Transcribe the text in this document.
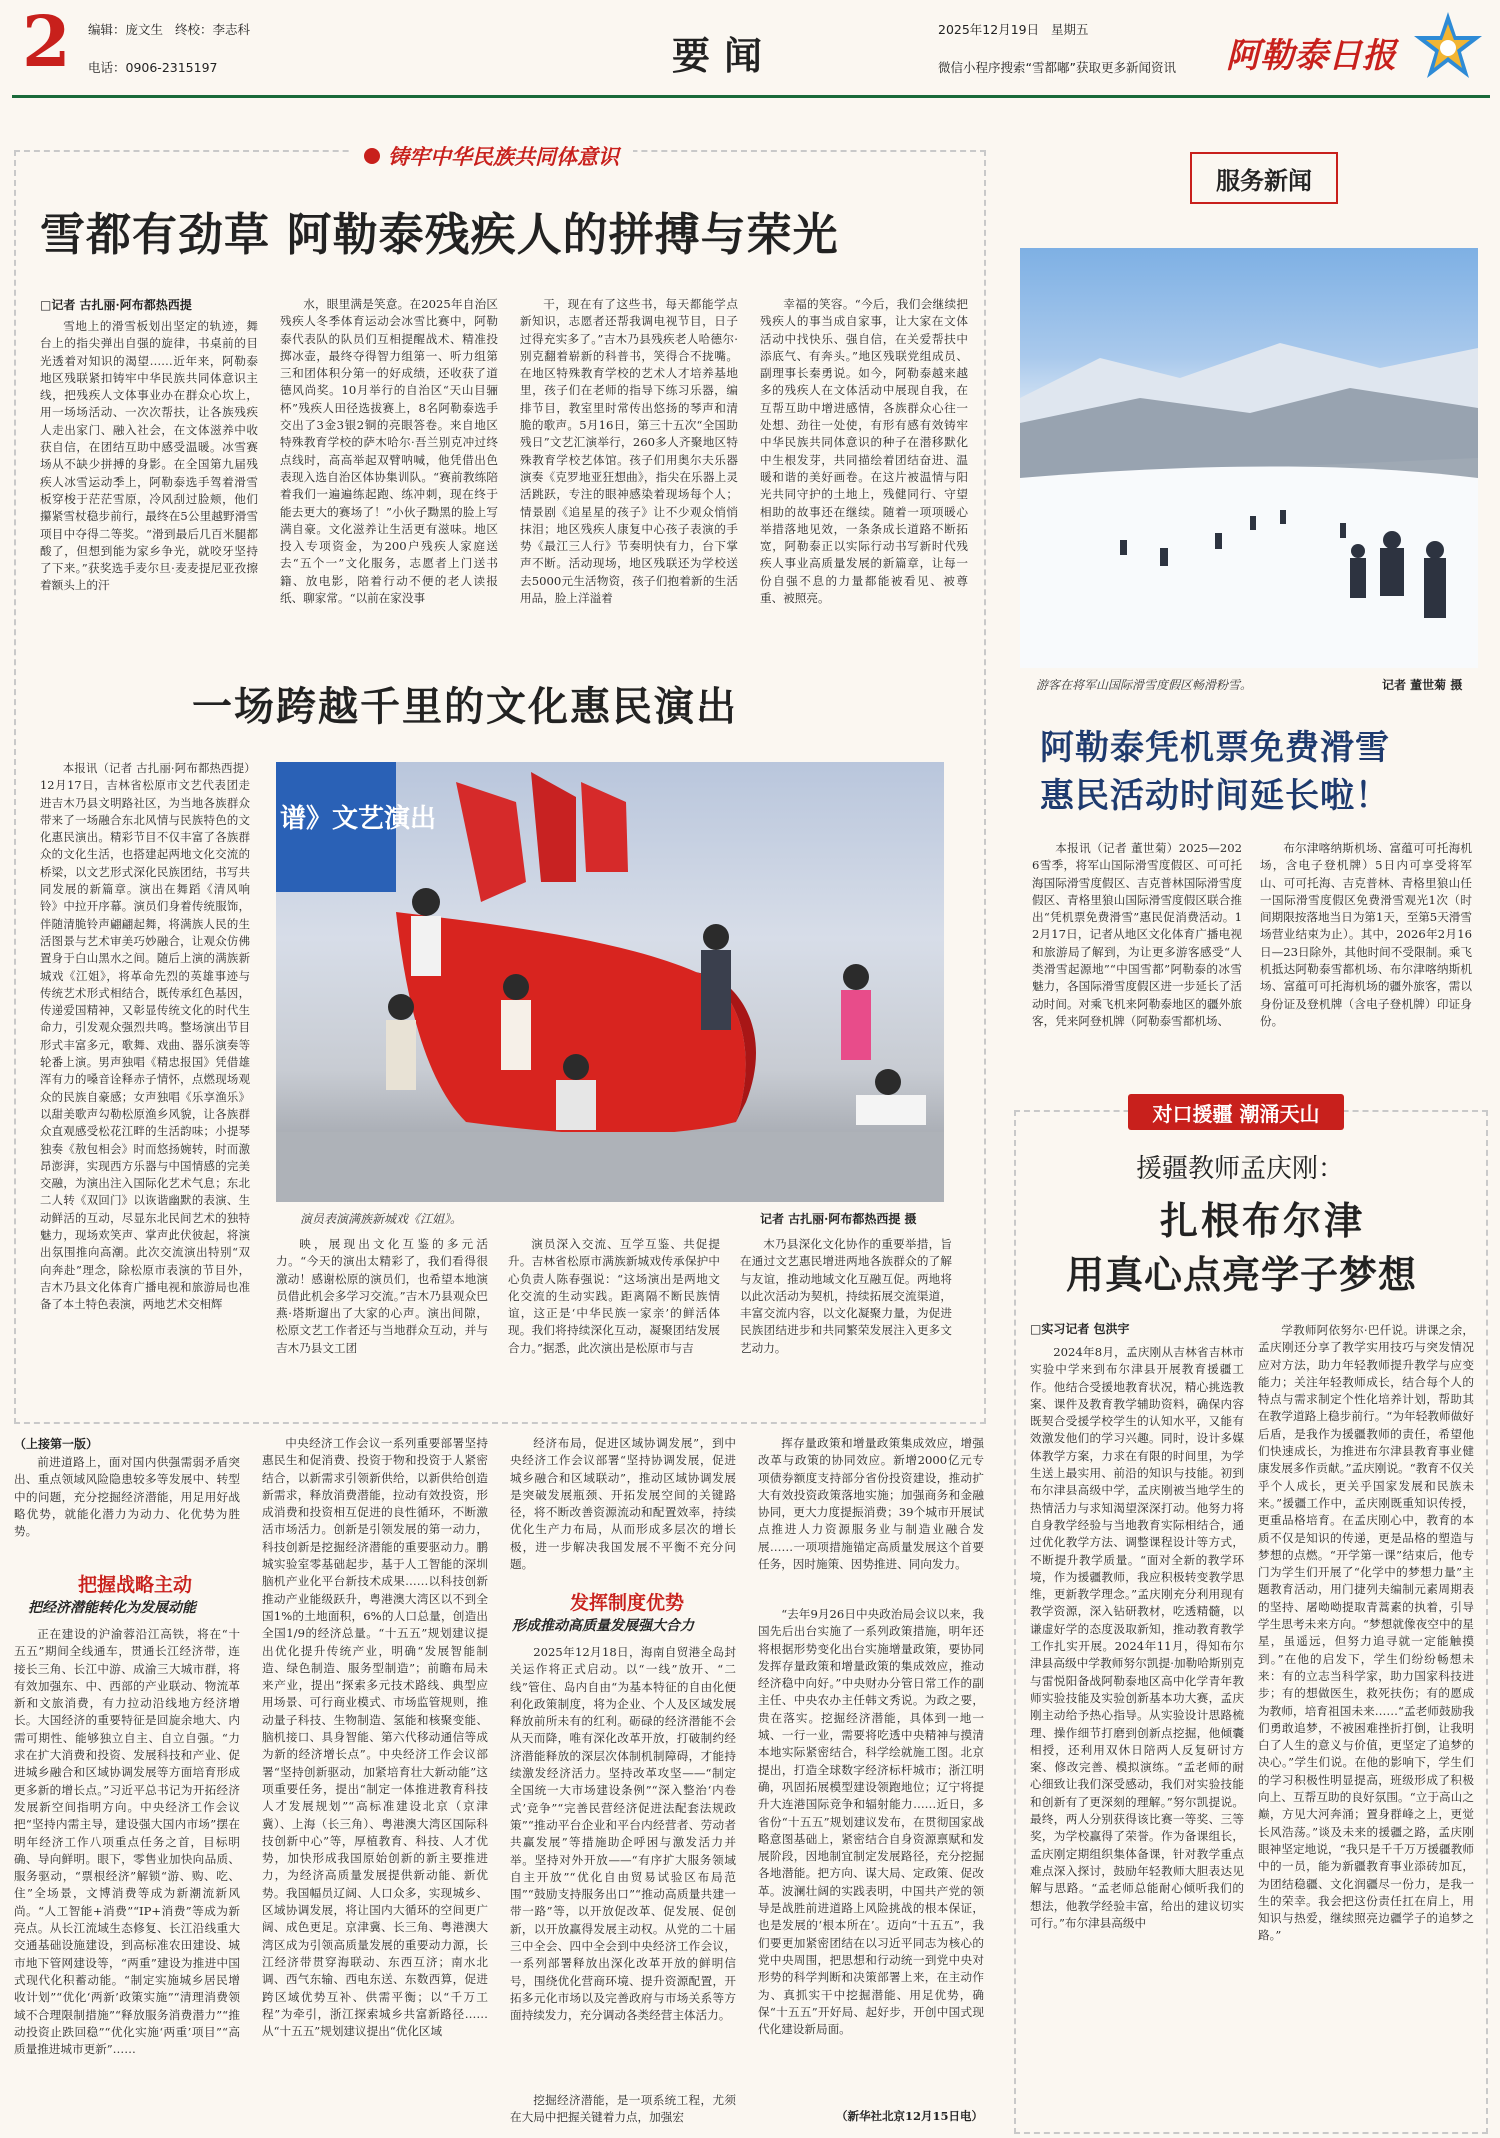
2 编辑：庞文生 终校：李志科
电话：0906-2315197	要闻
2025年12月19日 星期五
微信小程序搜索“雪都嘟”获取更多新闻资讯 阿勒泰日报
铸牢中华民族共同体意识
雪都有劲草 阿勒泰残疾人的拼搏与荣光
□记者 古扎丽·阿布都热西提
雪地上的滑雪板划出坚定的轨迹，舞台上的指尖弹出自强的旋律，书桌前的目光透着对知识的渴望……近年来，阿勒泰地区残联紧扣铸牢中华民族共同体意识主线，把残疾人文体事业办在群众心坎上，用一场场活动、一次次帮扶，让各族残疾人走出家门、融入社会，在文体滋养中收获自信，在团结互助中感受温暖。冰雪赛场从不缺少拼搏的身影。在全国第九届残疾人冰雪运动季上，阿勒泰选手驾着滑雪板穿梭于茫茫雪原，冷风刮过脸颊，他们攥紧雪杖稳步前行，最终在5公里越野滑雪项目中夺得二等奖。“滑到最后几百米腿都酸了，但想到能为家乡争光，就咬牙坚持了下来。”获奖选手麦尔旦·麦麦提尼亚孜擦着额头上的汗
水，眼里满是笑意。在2025年自治区残疾人冬季体育运动会冰雪比赛中，阿勒泰代表队的队员们互相提醒战术、精准投掷冰壶，最终夺得智力组第一、听力组第三和团体积分第一的好成绩，还收获了道德风尚奖。10月举行的自治区“天山目骊杯”残疾人田径选拔赛上，8名阿勒泰选手交出了3金3银2铜的亮眼答卷。来自地区特殊教育学校的萨木哈尔·吾兰别克冲过终点线时，高高举起双臂呐喊，他凭借出色表现入选自治区体协集训队。“赛前教练陪着我们一遍遍练起跑、练冲刺，现在终于能去更大的赛场了！”小伙子黝黑的脸上写满自豪。文化滋养让生活更有滋味。地区投入专项资金，为200户残疾人家庭送去“五个一”文化服务，志愿者上门送书籍、放电影，陪着行动不便的老人读报纸、聊家常。“以前在家没事
干，现在有了这些书，每天都能学点新知识，志愿者还帮我调电视节目，日子过得充实多了。”吉木乃县残疾老人哈德尔·别克翻着崭新的科普书，笑得合不拢嘴。在地区特殊教育学校的艺术人才培养基地里，孩子们在老师的指导下练习乐器，编排节目，教室里时常传出悠扬的琴声和清脆的歌声。5月16日，第三十五次“全国助残日”文艺汇演举行，260多人齐聚地区特殊教育学校艺体馆。孩子们用奥尔夫乐器演奏《克罗地亚狂想曲》，指尖在乐器上灵活跳跃，专注的眼神感染着现场每个人；情景剧《追星星的孩子》让不少观众悄悄抹泪；地区残疾人康复中心孩子表演的手势《最江三人行》节奏明快有力，台下掌声不断。活动现场，地区残联还为学校送去5000元生活物资，孩子们抱着新的生活用品，脸上洋溢着
幸福的笑容。“今后，我们会继续把残疾人的事当成自家事，让大家在文体活动中找快乐、强自信，在关爱帮扶中添底气、有奔头。”地区残联党组成员、副理事长秦勇说。如今，阿勒泰越来越多的残疾人在文体活动中展现自我，在互帮互助中增进感情，各族群众心往一处想、劲往一处使，有形有感有效铸牢中华民族共同体意识的种子在潜移默化中生根发芽，共同描绘着团结奋进、温暖和谐的美好画卷。在这片被温情与阳光共同守护的土地上，残健同行、守望相助的故事还在继续。随着一项项暖心举措落地见效，一条条成长道路不断拓宽，阿勒泰正以实际行动书写新时代残疾人事业高质量发展的新篇章，让每一份自强不息的力量都能被看见、被尊重、被照亮。
一场跨越千里的文化惠民演出
本报讯（记者 古扎丽·阿布都热西提）12月17日，吉林省松原市文艺代表团走进吉木乃县文明路社区，为当地各族群众带来了一场融合东北风情与民族特色的文化惠民演出。精彩节目不仅丰富了各族群众的文化生活，也搭建起两地文化交流的桥梁，以文艺形式深化民族团结，书写共同发展的新篇章。演出在舞蹈《清风响铃》中拉开序幕。演员们身着传统服饰，伴随清脆铃声翩翩起舞，将满族人民的生活图景与艺术审美巧妙融合，让观众仿佛置身于白山黑水之间。随后上演的满族新城戏《江姐》，将革命先烈的英雄事迹与传统艺术形式相结合，既传承红色基因，传递爱国精神，又彰显传统文化的时代生命力，引发观众强烈共鸣。整场演出节目形式丰富多元，歌舞、戏曲、器乐演奏等轮番上演。男声独唱《精忠报国》凭借雄浑有力的嗓音诠释赤子情怀，点燃现场观众的民族自豪感；女声独唱《乐享渔乐》以甜美歌声勾勒松原渔乡风貌，让各族群众直观感受松花江畔的生活韵味；小提琴独奏《敖包相会》时而悠扬婉转，时而激昂澎湃，实现西方乐器与中国情感的完美交融，为演出注入国际化艺术气息；东北二人转《双回门》以诙谐幽默的表演、生动鲜活的互动，尽显东北民间艺术的独特魅力，现场欢笑声、掌声此伏彼起，将演出氛围推向高潮。此次交流演出特别“双向奔赴”理念，除松原市表演的节目外，吉木乃县文化体育广播电视和旅游局也准备了本土特色表演，两地艺术交相辉
谱》文艺演出
演员表演满族新城戏《江姐》。	记者 古扎丽·阿布都热西提 摄
映，展现出文化互鉴的多元活力。“今天的演出太精彩了，我们看得很激动！感谢松原的演员们，也希望本地演员借此机会多学习交流。”吉木乃县观众巴燕·塔斯遛出了大家的心声。演出间隙，松原文艺工作者还与当地群众互动，并与吉木乃县文工团
演员深入交流、互学互鉴、共促提升。吉林省松原市满族新城戏传承保护中心负责人陈春强说：“这场演出是两地文化交流的生动实践。距离隔不断民族情谊，这正是‘中华民族一家亲’的鲜活体现。我们将持续深化互动，凝聚团结发展合力。”据悉，此次演出是松原市与吉
木乃县深化文化协作的重要举措，旨在通过文艺惠民增进两地各族群众的了解与友谊，推动地域文化互融互促。两地将以此次活动为契机，持续拓展交流渠道，丰富交流内容，以文化凝聚力量，为促进民族团结进步和共同繁荣发展注入更多文艺动力。
服务新闻
游客在将军山国际滑雪度假区畅滑粉雪。	记者 董世菊 摄
阿勒泰凭机票免费滑雪
惠民活动时间延长啦！
本报讯（记者 董世菊）2025—2026雪季，将军山国际滑雪度假区、可可托海国际滑雪度假区、吉克普林国际滑雪度假区、青格里狼山国际滑雪度假区联合推出“凭机票免费滑雪”惠民促消费活动。12月17日，记者从地区文化体育广播电视和旅游局了解到，为让更多游客感受“人类滑雪起源地”“中国雪都”阿勒泰的冰雪魅力，各国际滑雪度假区进一步延长了活动时间。对乘飞机来阿勒泰地区的疆外旅客，凭来阿登机牌（阿勒泰雪都机场、
布尔津喀纳斯机场、富蕴可可托海机场，含电子登机牌）5日内可享受将军山、可可托海、吉克普林、青格里狼山任一国际滑雪度假区免费滑雪观光1次（时间期限按落地当日为第1天，至第5天滑雪场营业结束为止）。其中，2026年2月16日—23日除外，其他时间不受限制。乘飞机抵达阿勒泰雪都机场、布尔津喀纳斯机场、富蕴可可托海机场的疆外旅客，需以身份证及登机牌（含电子登机牌）印证身份。
对口援疆 潮涌天山
援疆教师孟庆刚：
扎根布尔津
用真心点亮学子梦想
□实习记者 包洪宇
2024年8月，孟庆刚从吉林省吉林市实验中学来到布尔津县开展教育援疆工作。他结合受援地教育状况，精心挑选教案、课件及教育教学辅助资料，确保内容既契合受援学校学生的认知水平，又能有效激发他们的学习兴趣。同时，设计多媒体教学方案，力求在有限的时间里，为学生送上最实用、前沿的知识与技能。初到布尔津县高级中学，孟庆刚被当地学生的热情活力与求知渴望深深打动。他努力将自身教学经验与当地教育实际相结合，通过优化教学方法、调整课程设计等方式，不断提升教学质量。“面对全新的教学环境，作为援疆教师，我应积极转变教学思维，更新教学理念。”孟庆刚充分利用现有教学资源，深入钻研教材，吃透精髓，以谦虚好学的态度汲取新知，推动教育教学工作扎实开展。2024年11月，得知布尔津县高级中学教师努尔凯提·加勒哈斯别克与雷悦阳备战阿勒泰地区高中化学青年教师实验技能及实验创新基本功大赛，孟庆刚主动给予热心指导。从实验设计思路梳理、操作细节打磨到创新点挖掘，他倾囊相授，还利用双休日陪两人反复研讨方案、修改完善、模拟演练。“孟老师的耐心细致让我们深受感动，我们对实验技能和创新有了更深刻的理解。”努尔凯提说。最终，两人分别获得该比赛一等奖、三等奖，为学校赢得了荣誉。作为备课组长，孟庆刚定期组织集体备课，针对教学重点难点深入探讨，鼓励年轻教师大胆表达见解与思路。“孟老师总能耐心倾听我们的想法，他教学经验丰富，给出的建议切实可行。”布尔津县高级中
学教师阿依努尔·巴仟说。讲课之余，孟庆刚还分享了教学实用技巧与突发情况应对方法，助力年轻教师提升教学与应变能力；关注年轻教师成长，结合每个人的特点与需求制定个性化培养计划，帮助其在教学道路上稳步前行。“为年轻教师做好后盾，是我作为援疆教师的责任，希望他们快速成长，为推进布尔津县教育事业健康发展多作贡献。”孟庆刚说。“教育不仅关乎个人成长，更关乎国家发展和民族未来。”援疆工作中，孟庆刚既重知识传授，更重品格培育。在孟庆刚心中，教育的本质不仅是知识的传递，更是品格的塑造与梦想的点燃。“开学第一课”结束后，他专门为学生们开展了“化学中的梦想力量”主题教育活动，用门捷列夫编制元素周期表的坚持、屠呦呦提取青蒿素的执着，引导学生思考未来方向。“梦想就像夜空中的星星，虽遥远，但努力追寻就一定能触摸到。”在他的启发下，学生们纷纷畅想未来：有的立志当科学家，助力国家科技进步；有的想做医生，救死扶伤；有的愿成为教师，培育祖国未来……“孟老师鼓励我们勇敢追梦，不被困难挫折打倒，让我明白了人生的意义与价值，更坚定了追梦的决心。”学生们说。在他的影响下，学生们的学习积极性明显提高，班级形成了积极向上、互帮互助的良好氛围。“立于高山之巅，方见大河奔涌；置身群峰之上，更觉长风浩荡。”谈及未来的援疆之路，孟庆刚眼神坚定地说，“我只是千千万万援疆教师中的一员，能为新疆教育事业添砖加瓦，为团结稳疆、文化润疆尽一份力，是我一生的荣幸。我会把这份责任扛在肩上，用知识与热爱，继续照亮边疆学子的追梦之路。”
（上接第一版）
前进道路上，面对国内供强需弱矛盾突出、重点领域风险隐患较多等发展中、转型中的问题，充分挖掘经济潜能，用足用好战略优势，就能化潜力为动力、化优势为胜势。
把握战略主动
把经济潜能转化为发展动能
正在建设的沪渝蓉沿江高铁，将在“十五五”期间全线通车，贯通长江经济带，连接长三角、长江中游、成渝三大城市群，将有效加强东、中、西部的产业联动、物流革新和文旅消费，有力拉动沿线地方经济增长。大国经济的重要特征是回旋余地大、内需可期性、能够独立自主、自立自强。“力求在扩大消费和投资、发展科技和产业、促进城乡融合和区域协调发展等方面培育形成更多新的增长点。”习近平总书记为开拓经济发展新空间指明方向。中央经济工作会议把“坚持内需主导，建设强大国内市场”摆在明年经济工作八项重点任务之首，目标明确、导向鲜明。眼下，零售业加快向品质、服务驱动，“票根经济”解锁“游、购、吃、住”全场景，文博消费等成为新潮流新风尚。“人工智能+消费”“IP+消费”等成为新亮点。从长江流域生态修复、长江沿线重大交通基础设施建设，到高标准农田建设、城市地下管网建设等，“两重”建设为推进中国式现代化积蓄动能。“制定实施城乡居民增收计划”“优化‘两新’政策实施”“清理消费领域不合理限制措施”“释放服务消费潜力”“推动投资止跌回稳”“优化实施‘两重’项目”“高质量推进城市更新”……
中央经济工作会议一系列重要部署坚持惠民生和促消费、投资于物和投资于人紧密结合，以新需求引领新供给，以新供给创造新需求，释放消费潜能，拉动有效投资，形成消费和投资相互促进的良性循环，不断激活市场活力。创新是引领发展的第一动力，科技创新是挖掘经济潜能的重要驱动力。鹏城实验室零基础起步，基于人工智能的深圳脑机产业化平台新技术成果……以科技创新推动产业能级跃升，粤港澳大湾区以不到全国1%的土地面积，6%的人口总量，创造出全国1/9的经济总量。“十五五”规划建议提出优化提升传统产业，明确“发展智能制造、绿色制造、服务型制造”；前瞻布局未来产业，提出“探索多元技术路线、典型应用场景、可行商业模式、市场监管规则，推动量子科技、生物制造、氢能和核聚变能、脑机接口、具身智能、第六代移动通信等成为新的经济增长点”。中央经济工作会议部署“坚持创新驱动，加紧培育壮大新动能”这项重要任务，提出“制定一体推进教育科技人才发展规划”“高标准建设北京（京津冀）、上海（长三角）、粤港澳大湾区国际科技创新中心”等，厚植教育、科技、人才优势，加快形成我国原始创新的新主要推进力，为经济高质量发展提供新动能、新优势。我国幅员辽阔、人口众多，实现城乡、区域协调发展，将让国内大循环的空间更广阔、成色更足。京津冀、长三角、粤港澳大湾区成为引领高质量发展的重要动力源，长江经济带贯穿海联动、东西互济；南水北调、西气东输、西电东送、东数西算，促进跨区域优势互补、供需平衡；以“千万工程”为牵引，浙江探索城乡共富新路径……从“十五五”规划建议提出“优化区域
经济布局，促进区域协调发展”，到中央经济工作会议部署“坚持协调发展，促进城乡融合和区域联动”，推动区域协调发展是突破发展瓶颈、开拓发展空间的关键路径，将不断改善资源流动和配置效率，持续优化生产力布局，从而形成多层次的增长极，进一步解决我国发展不平衡不充分问题。
发挥制度优势
形成推动高质量发展强大合力
2025年12月18日，海南自贸港全岛封关运作将正式启动。以“一线”放开、“二线”管住、岛内自由“为基本特征的自由化便利化政策制度，将为企业、个人及区域发展释放前所未有的红利。砺碌的经济潜能不会从天而降，唯有深化改革开放，打破制约经济潜能释放的深层次体制机制障碍，才能持续激发经济活力。坚持改革攻坚——“制定全国统一大市场建设条例”“深入整治‘内卷式’竞争”“完善民营经济促进法配套法规政策”“推动平台企业和平台内经营者、劳动者共赢发展”等措施助企呼困与激发活力并举。坚持对外开放——“有序扩大服务领域自主开放”“优化自由贸易试验区布局范围”“鼓励支持服务出口”“推动高质量共建一带一路”等，以开放促改革、促发展、促创新，以开放赢得发展主动权。从党的二十届三中全会、四中全会到中央经济工作会议，一系列部署释放出深化改革开放的鲜明信号，围绕优化营商环境、提升资源配置，开拓多元化市场以及完善政府与市场关系等方面持续发力，充分调动各类经营主体活力。
挖掘经济潜能，是一项系统工程，尤须在大局中把握关键着力点，加强宏
挥存量政策和增量政策集成效应，增强改革与政策的协同效应。新增2000亿元专项债券额度支持部分省份投资建设，推动扩大有效投资政策落地实施；加强商务和金融协同，更大力度提振消费；39个城市开展试点推进人力资源服务业与制造业融合发展……一项项措施锚定高质量发展这个首要任务，因时施策、因势推进、同向发力。
“去年9月26日中央政治局会议以来，我国先后出台实施了一系列政策措施，明年还将根据形势变化出台实施增量政策，要协同发挥存量政策和增量政策的集成效应，推动经济稳中向好。”中央财办分管日常工作的副主任、中央农办主任韩文秀说。为政之要，贵在落实。挖掘经济潜能，具体到一地一城、一行一业，需要将吃透中央精神与摸清本地实际紧密结合，科学绘就施工图。北京提出，打造全球数字经济标杆城市；浙江明确，巩固拓展模型建设领跑地位；辽宁将提升大连港国际竞争和辐射能力……近日，多省份“十五五”规划建议发布，在贯彻国家战略意图基础上，紧密结合自身资源禀赋和发展阶段，因地制宜制定发展路径，充分挖掘各地潜能。把方向、谋大局、定政策、促改革。波澜壮阔的实践表明，中国共产党的领导是战胜前进道路上风险挑战的根本保证，也是发展的‘根本所在’。迈向“十五五”，我们要更加紧密团结在以习近平同志为核心的党中央周围，把思想和行动统一到党中央对形势的科学判断和决策部署上来，在主动作为、真抓实干中挖掘潜能、用足优势，确保“十五五”开好局、起好步，开创中国式现代化建设新局面。
（新华社北京12月15日电）
